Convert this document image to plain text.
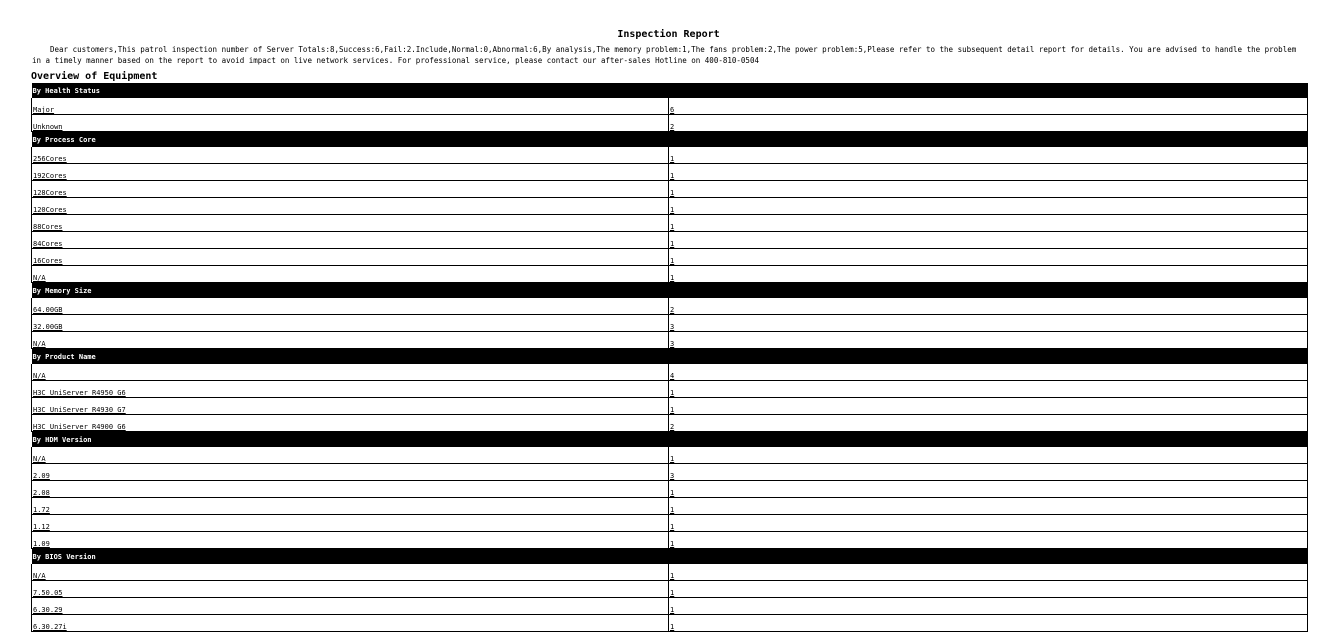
Inspection Report
Dear customers,This patrol inspection number of Server Totals:8,Success:6,Fail:2.Include,Normal:0,Abnormal:6,By analysis,The memory problem:1,The fans problem:2,The power problem:5,Please refer to the subsequent detail report for details. You are advised to handle the problem in a timely manner based on the report to avoid impact on live network services. For professional service, please contact our after-sales Hotline on 400-810-0504
Overview of Equipment
By Health Status	
Major	6
Unknown	2
By Process Core	
256Cores	1
192Cores	1
128Cores	1
120Cores	1
88Cores	1
84Cores	1
16Cores	1
N/A	1
By Memory Size	
64.00GB	2
32.00GB	3
N/A	3
By Product Name	
N/A	4
H3C UniServer R4950 G6	1
H3C UniServer R4930 G7	1
H3C UniServer R4900 G6	2
By HDM Version	
N/A	1
2.09	3
2.08	1
1.72	1
1.12	1
1.09	1
By BIOS Version	
N/A	1
7.50.05	1
6.30.29	1
6.30.27i	1
